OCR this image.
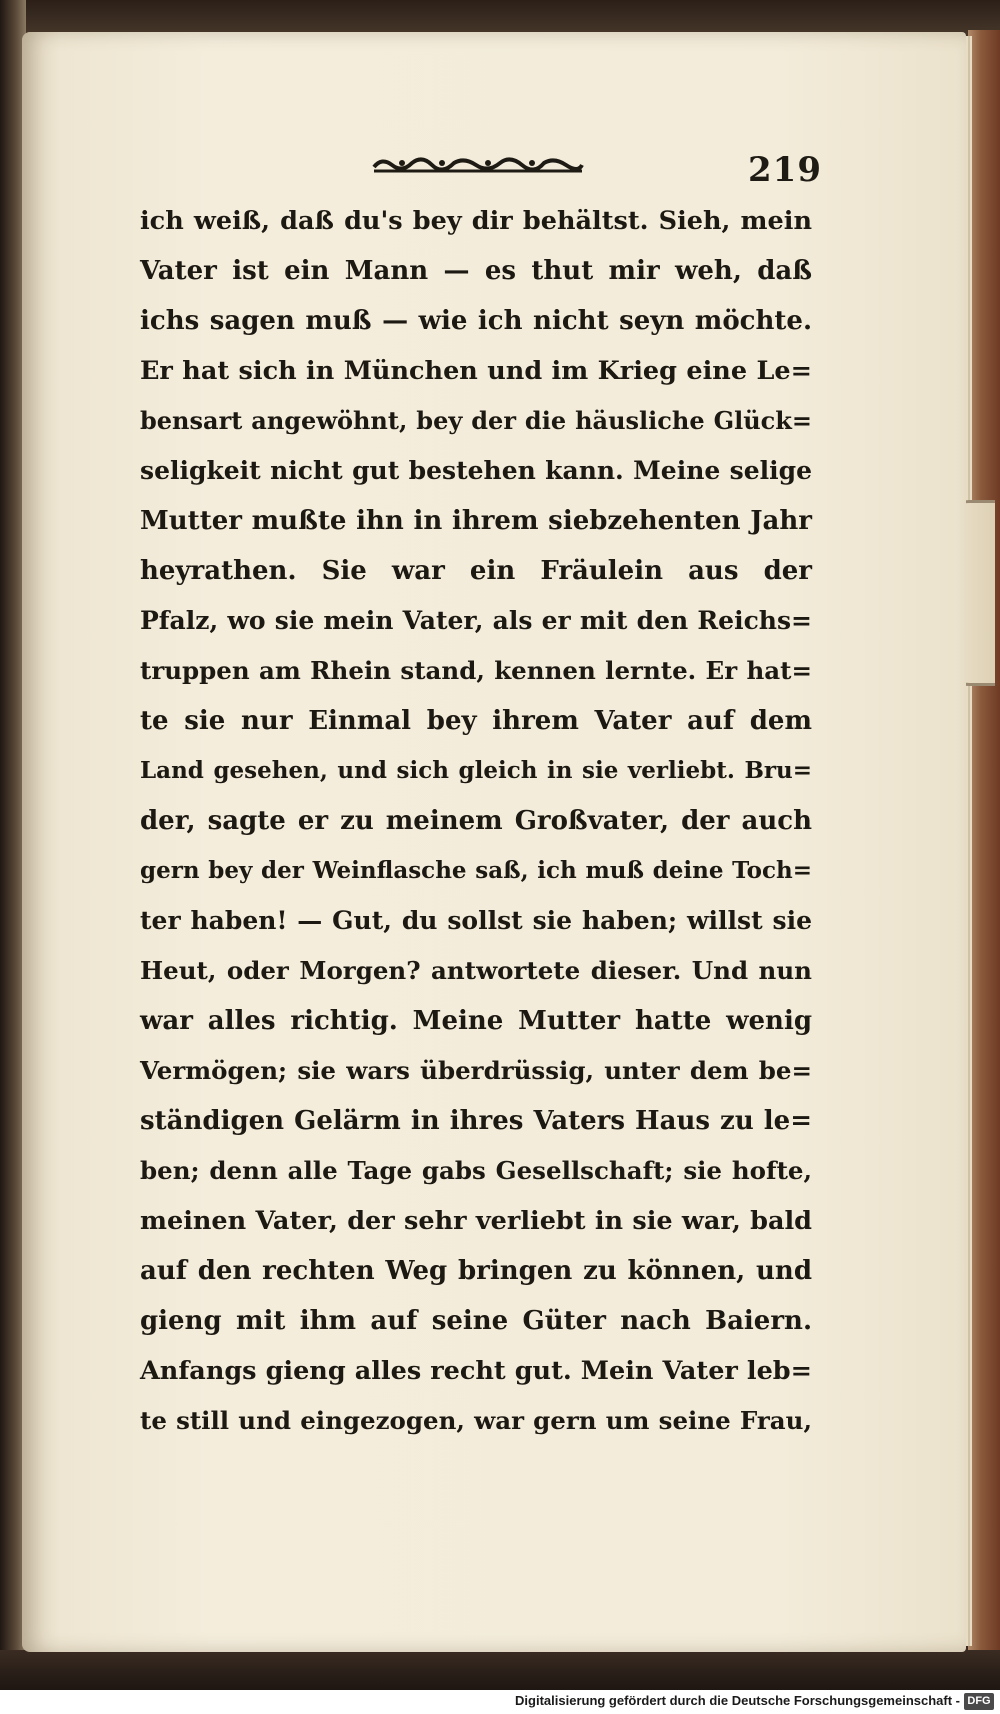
219
ich weiß, daß du's bey dir behältst. Sieh, mein
Vater ist ein Mann — es thut mir weh, daß
ichs sagen muß — wie ich nicht seyn möchte.
Er hat sich in München und im Krieg eine Le=
bensart angewöhnt, bey der die häusliche Glück=
seligkeit nicht gut bestehen kann. Meine selige
Mutter mußte ihn in ihrem siebzehenten Jahr
heyrathen. Sie war ein Fräulein aus der
Pfalz, wo sie mein Vater, als er mit den Reichs=
truppen am Rhein stand, kennen lernte. Er hat=
te sie nur Einmal bey ihrem Vater auf dem
Land gesehen, und sich gleich in sie verliebt. Bru=
der, sagte er zu meinem Großvater, der auch
gern bey der Weinflasche saß, ich muß deine Toch=
ter haben! — Gut, du sollst sie haben; willst sie
Heut, oder Morgen? antwortete dieser. Und nun
war alles richtig. Meine Mutter hatte wenig
Vermögen; sie wars überdrüssig, unter dem be=
ständigen Gelärm in ihres Vaters Haus zu le=
ben; denn alle Tage gabs Gesellschaft; sie hofte,
meinen Vater, der sehr verliebt in sie war, bald
auf den rechten Weg bringen zu können, und
gieng mit ihm auf seine Güter nach Baiern.
Anfangs gieng alles recht gut. Mein Vater leb=
te still und eingezogen, war gern um seine Frau,
Digitalisierung gefördert durch die Deutsche Forschungsgemeinschaft - DFG
